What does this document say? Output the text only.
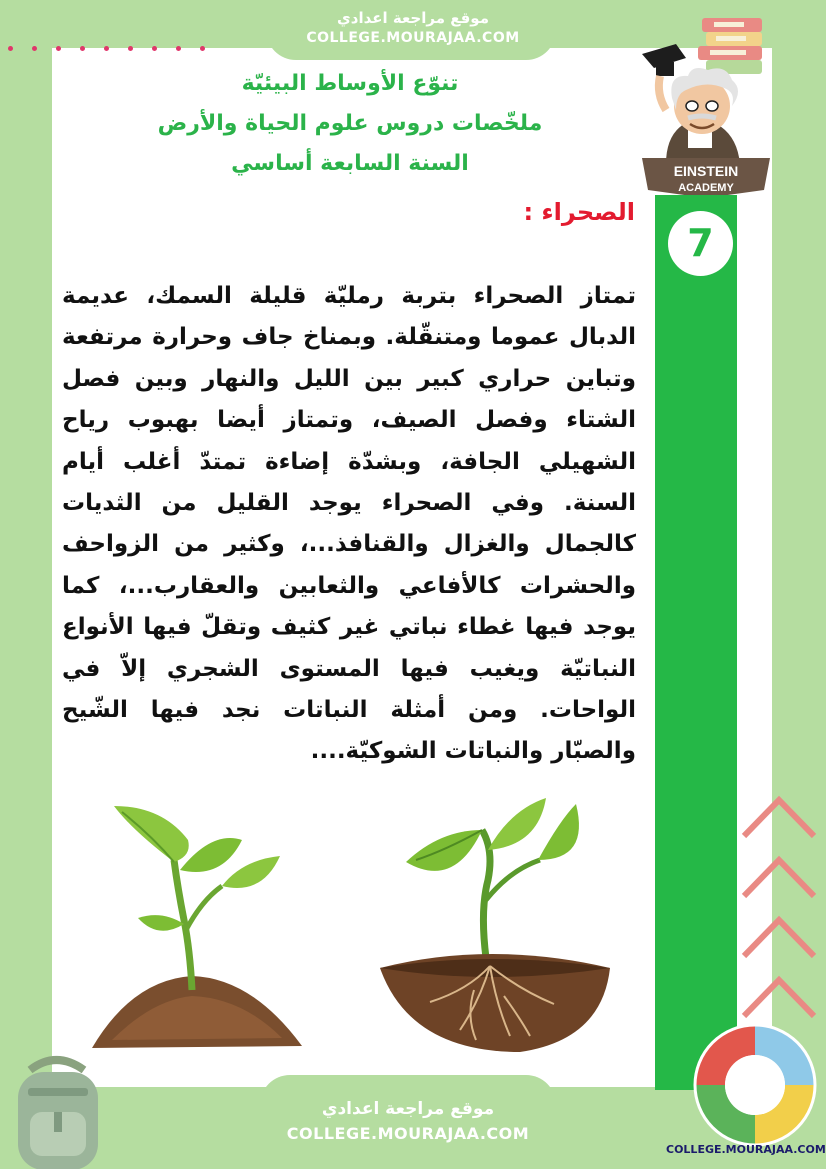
موقع مراجعة اعدادي
COLLEGE.MOURAJAA.COM
تنوّع الأوساط البيئيّة
ملخّصات دروس علوم الحياة والأرض
السنة السابعة أساسي	EINSTEIN
ACADEMY
7
الصحراء :
تمتاز الصحراء بتربة رمليّة قليلة السمك، عديمة الدبال عموما ومتنقّلة. وبمناخ جاف وحرارة مرتفعة وتباين حراري كبير بين الليل والنهار وبين فصل الشتاء وفصل الصيف، وتمتاز أيضا بهبوب رياح الشهيلي الجافة، وبشدّة إضاءة تمتدّ أغلب أيام السنة. وفي الصحراء يوجد القليل من الثديات كالجمال والغزال والقنافذ...، وكثير من الزواحف والحشرات كالأفاعي والثعابين والعقارب...، كما يوجد فيها غطاء نباتي غير كثيف وتقلّ فيها الأنواع النباتيّة ويغيب فيها المستوى الشجري إلاّ في الواحات. ومن أمثلة النباتات نجد فيها الشّيح والصبّار والنباتات الشوكيّة....
COLLEGE.MOURAJAA.COM
موقع مراجعة اعدادي
COLLEGE.MOURAJAA.COM
